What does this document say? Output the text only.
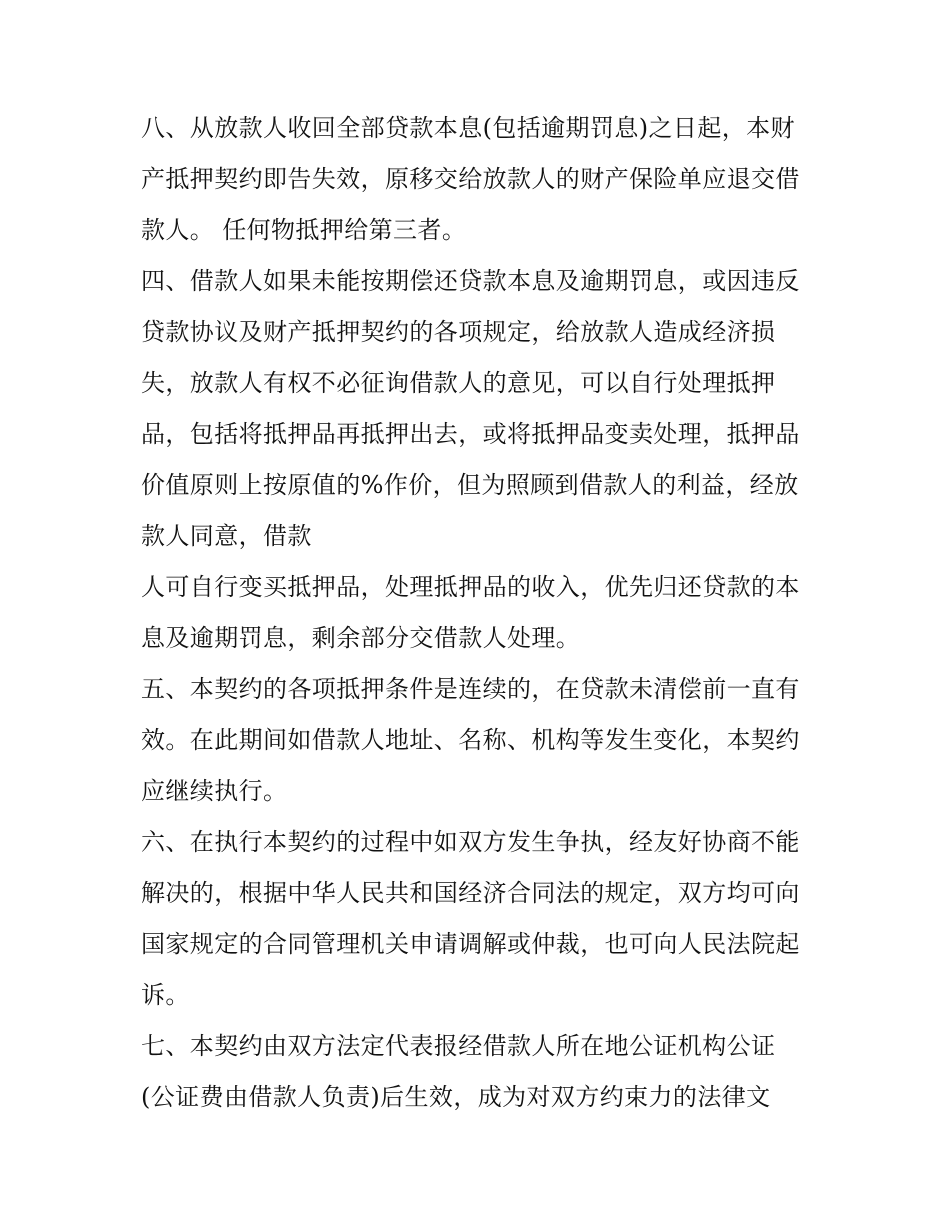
八、从放款人收回全部贷款本息(包括逾期罚息)之日起，本财
产抵押契约即告失效，原移交给放款人的财产保险单应退交借
款人。 任何物抵押给第三者。
四、借款人如果未能按期偿还贷款本息及逾期罚息，或因违反
贷款协议及财产抵押契约的各项规定，给放款人造成经济损
失，放款人有权不必征询借款人的意见，可以自行处理抵押
品，包括将抵押品再抵押出去，或将抵押品变卖处理，抵押品
价值原则上按原值的%作价，但为照顾到借款人的利益，经放
款人同意，借款
人可自行变买抵押品，处理抵押品的收入，优先归还贷款的本
息及逾期罚息，剩余部分交借款人处理。
五、本契约的各项抵押条件是连续的，在贷款未清偿前一直有
效。在此期间如借款人地址、名称、机构等发生变化，本契约
应继续执行。
六、在执行本契约的过程中如双方发生争执，经友好协商不能
解决的，根据中华人民共和国经济合同法的规定，双方均可向
国家规定的合同管理机关申请调解或仲裁，也可向人民法院起
诉。
七、本契约由双方法定代表报经借款人所在地公证机构公证
(公证费由借款人负责)后生效，成为对双方约束力的法律文
